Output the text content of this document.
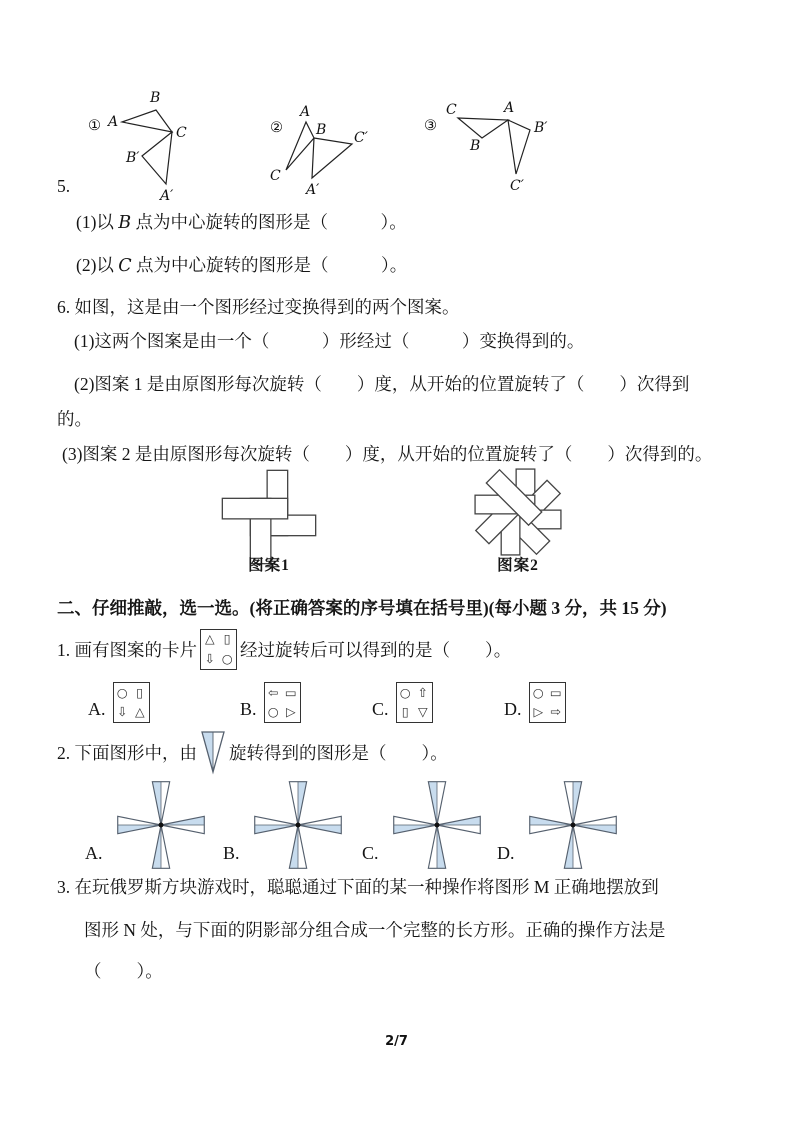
① A
B
C
B′
A′
②
A
B
C
C′
A′
③
C	A
B′
B
C′
5.
(1)以 B 点为中心旋转的图形是（　　　）。
(2)以 C 点为中心旋转的图形是（　　　）。
6. 如图，这是由一个图形经过变换得到的两个图案。
(1)这两个图案是由一个（　　　）形经过（　　　）变换得到的。
(2)图案 1 是由原图形每次旋转（　　）度，从开始的位置旋转了（　　）次得到
的。
(3)图案 2 是由原图形每次旋转（　　）度，从开始的位置旋转了（　　）次得到的。
图案1	图案2
二、仔细推敲，选一选。(将正确答案的序号填在括号里)(每小题 3 分，共 15 分)
1. 画有图案的卡片
△ ▯
⇩ ○ 经过旋转后可以得到的是（　　）。
A.
○ ▯
⇩ △	B.
⇦ ▭
○ ▷	C.
○ ⇧
▯ ▽	D.
○ ▭
▷ ⇨
2. 下面图形中，由 旋转得到的图形是（　　）。
A.	B.	C.	D.
3. 在玩俄罗斯方块游戏时，聪聪通过下面的某一种操作将图形 M 正确地摆放到
图形 N 处，与下面的阴影部分组合成一个完整的长方形。正确的操作方法是
（　　）。
2/7
